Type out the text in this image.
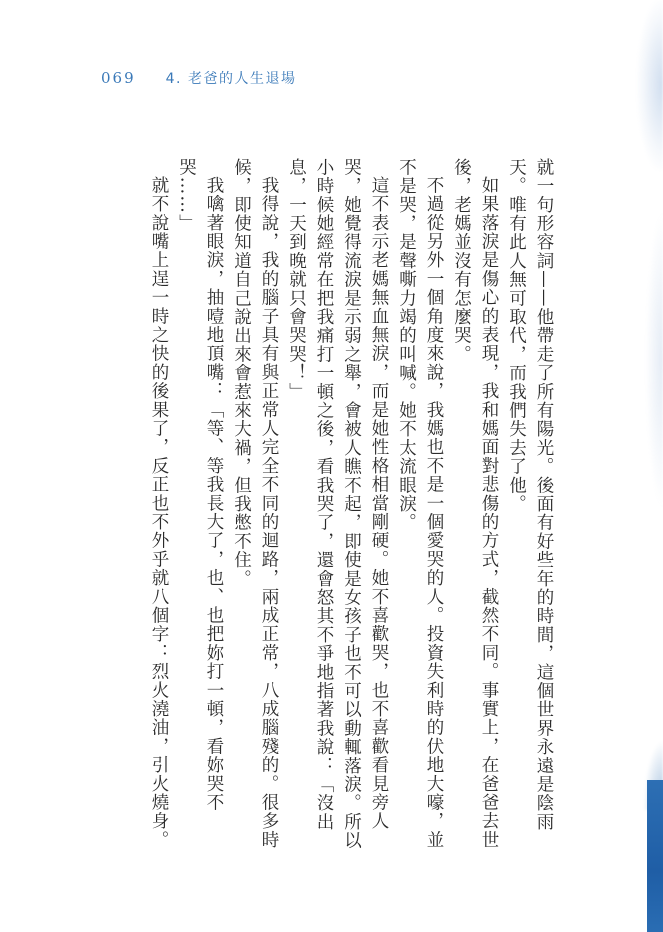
069 4. 老爸的人生退場

就一句形容詞——他帶走了所有陽光。後面有好些年的時間，這個世界永遠是陰雨天。唯有此人無可取代，而我們失去了他。

如果落淚是傷心的表現，我和媽面對悲傷的方式，截然不同。事實上，在爸爸去世後，老媽並沒有怎麼哭。

不過從另外一個角度來說，我媽也不是一個愛哭的人。投資失利時的伏地大嚎，並不是哭，是聲嘶力竭的叫喊。她不太流眼淚。

這不表示老媽無血無淚，而是她性格相當剛硬。她不喜歡哭，也不喜歡看見旁人哭，她覺得流淚是示弱之舉，會被人瞧不起，即使是女孩子也不可以動輒落淚。所以小時候她經常在把我痛打一頓之後，看我哭了，還會怒其不爭地指著我說：「沒出息，一天到晚就只會哭哭！」

我得說，我的腦子具有與正常人完全不同的迴路，兩成正常，八成腦殘的。很多時候，即使知道自己說出來會惹來大禍，但我憋不住。

我噙著眼淚，抽噎地頂嘴：「等、等我長大了，也、也把妳打一頓，看妳哭不哭……」

就不說嘴上逞一時之快的後果了，反正也不外乎就八個字：烈火澆油，引火燒身。
